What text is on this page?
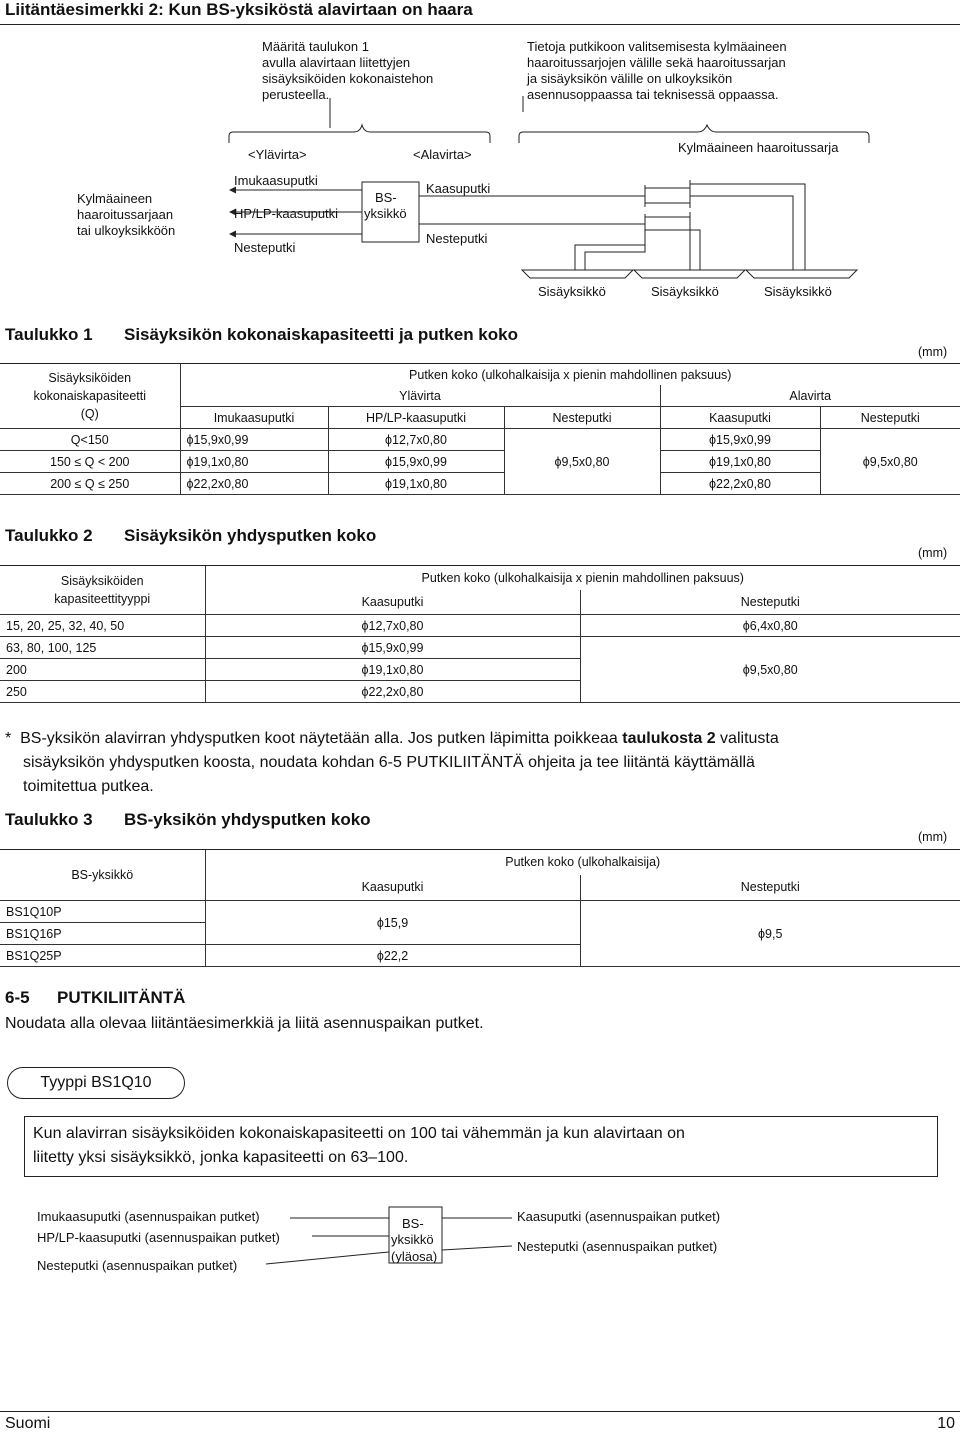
Liitäntäesimerkki 2: Kun BS-yksiköstä alavirtaan on haara
Määritä taulukon 1
avulla alavirtaan liitettyjen
sisäyksiköiden kokonaistehon
perusteella.
Tietoja putkikoon valitsemisesta kylmäaineen
haaroitussarjojen välille sekä haaroitussarjan
ja sisäyksikön välille on ulkoyksikön
asennusoppaassa tai teknisessä oppaassa.
<Ylävirta>	<Alavirta>	Kylmäaineen haaroitussarja
Kylmäaineen
haaroitussarjaan
tai ulkoyksikköön
Imukaasuputki
HP/LP-kaasuputki
Nesteputki
BS-
yksikkö
Kaasuputki
Nesteputki
Sisäyksikkö	Sisäyksikkö	Sisäyksikkö
Taulukko 1 Sisäyksikön kokonaiskapasiteetti ja putken koko
(mm)
Sisäyksiköiden
kokonaiskapasiteetti
(Q)	Putken koko (ulkohalkaisija x pienin mahdollinen paksuus)				
	Ylävirta			Alavirta	
	Imukaasuputki	HP/LP-kaasuputki	Nesteputki	Kaasuputki	Nesteputki
Q<150	ϕ15,9x0,99	ϕ12,7x0,80	ϕ9,5x0,80	ϕ15,9x0,99	ϕ9,5x0,80
150 ≤ Q < 200	ϕ19,1x0,80	ϕ15,9x0,99		ϕ19,1x0,80	
200 ≤ Q ≤ 250	ϕ22,2x0,80	ϕ19,1x0,80		ϕ22,2x0,80	
Taulukko 2 Sisäyksikön yhdysputken koko
(mm)
Sisäyksiköiden
kapasiteettityyppi	Putken koko (ulkohalkaisija x pienin mahdollinen paksuus)	
	Kaasuputki	Nesteputki
15, 20, 25, 32, 40, 50	ϕ12,7x0,80	ϕ6,4x0,80
63, 80, 100, 125	ϕ15,9x0,99	ϕ9,5x0,80
200	ϕ19,1x0,80	
250	ϕ22,2x0,80	
* BS-yksikön alavirran yhdysputken koot näytetään alla. Jos putken läpimitta poikkeaa taulukosta 2 valitusta
sisäyksikön yhdysputken koosta, noudata kohdan 6-5 PUTKILIITÄNTÄ ohjeita ja tee liitäntä käyttämällä
toimitettua putkea.
Taulukko 3 BS-yksikön yhdysputken koko
(mm)
BS-yksikkö	Putken koko (ulkohalkaisija)	
	Kaasuputki	Nesteputki
BS1Q10P	ϕ15,9	ϕ9,5
BS1Q16P		
BS1Q25P	ϕ22,2	
6-5 PUTKILIITÄNTÄ
Noudata alla olevaa liitäntäesimerkkiä ja liitä asennuspaikan putket.
Tyyppi BS1Q10
Kun alavirran sisäyksiköiden kokonaiskapasiteetti on 100 tai vähemmän ja kun alavirtaan on
liitetty yksi sisäyksikkö, jonka kapasiteetti on 63–100.
Imukaasuputki (asennuspaikan putket)
HP/LP-kaasuputki (asennuspaikan putket)
Nesteputki (asennuspaikan putket)
BS-
yksikkö
(yläosa)
Kaasuputki (asennuspaikan putket)
Nesteputki (asennuspaikan putket)
Suomi	10
